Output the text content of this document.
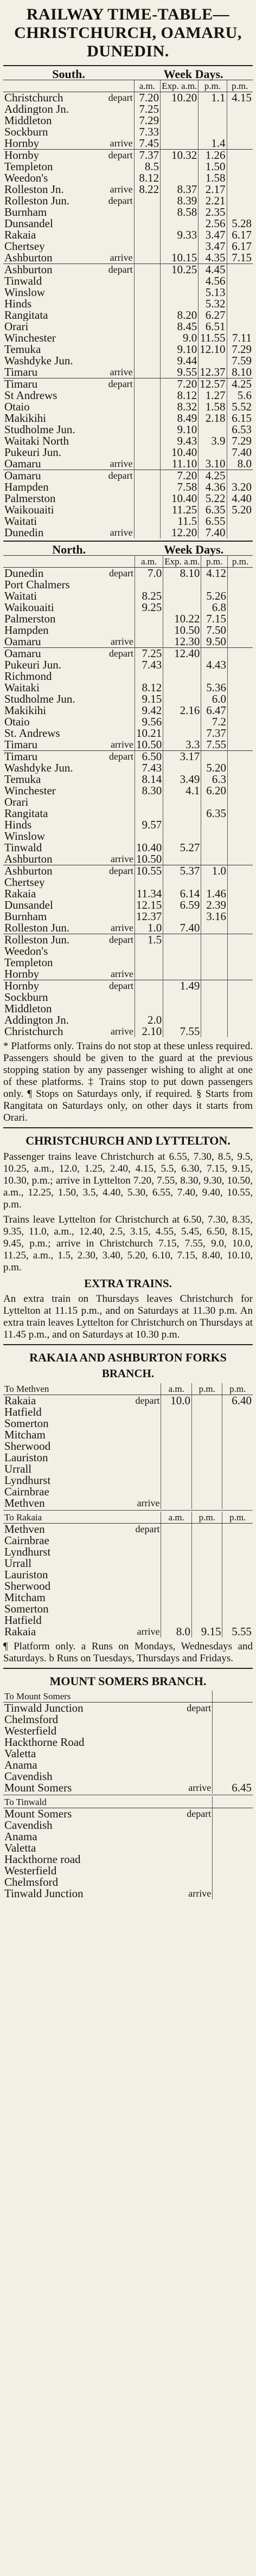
RAILWAY TIME-TABLE—CHRISTCHURCH, OAMARU, DUNEDIN.
South.		Week Days.			
		a.m.	Exp. a.m.	p.m.	p.m.
Christchurch	depart	7.20	10.20	1.1	4.15
Addington Jn.		7.25			
Middleton		7.29			
Sockburn		7.33			
Hornby	arrive	7.45		1.4	
Hornby	depart	7.37	10.32	1.26	
Templeton		8.5		1.50	
Weedon's		8.12		1.58	
Rolleston Jn.	arrive	8.22	8.37	2.17	
Rolleston Jun.	depart		8.39	2.21	
Burnham			8.58	2.35	
Dunsandel				2.56	5.28
Rakaia			9.33	3.47	6.17
Chertsey				3.47	6.17
Ashburton	arrive		10.15	4.35	7.15
Ashburton	depart		10.25	4.45	
Tinwald				4.56	
Winslow				5.13	
Hinds				5.32	
Rangitata			8.20	6.27	
Orari			8.45	6.51	
Winchester			9.0	11.55	7.11
Temuka			9.10	12.10	7.29
Washdyke Jun.			9.44		7.59
Timaru	arrive		9.55	12.37	8.10
Timaru	depart		7.20	12.57	4.25
St Andrews			8.12	1.27	5.6
Otaio			8.32	1.58	5.52
Makikihi			8.49	2.18	6.15
Studholme Jun.			9.10		6.53
Waitaki North			9.43	3.9	7.29
Pukeuri Jun.			10.40		7.40
Oamaru	arrive		11.10	3.10	8.0
Oamaru	depart		7.20	4.25	
Hampden			7.58	4.36	3.20
Palmerston			10.40	5.22	4.40
Waikouaiti			11.25	6.35	5.20
Waitati			11.5	6.55	
Dunedin	arrive		12.20	7.40	
North.		Week Days.			
		a.m.	Exp. a.m.	p.m.	p.m.
Dunedin	depart	7.0	8.10	4.12	
Port Chalmers					
Waitati		8.25		5.26	
Waikouaiti		9.25		6.8	
Palmerston			10.22	7.15	
Hampden			10.50	7.50	
Oamaru	arrive		12.30	9.50	
Oamaru	depart	7.25	12.40		
Pukeuri Jun.		7.43		4.43	
Richmond					
Waitaki		8.12		5.36	
Studholme Jun.		9.15		6.0	
Makikihi		9.42	2.16	6.47	
Otaio		9.56		7.2	
St. Andrews		10.21		7.37	
Timaru	arrive	10.50	3.3	7.55	
Timaru	depart	6.50	3.17		
Washdyke Jun.		7.43		5.20	
Temuka		8.14	3.49	6.3	
Winchester		8.30	4.1	6.20	
Orari					
Rangitata				6.35	
Hinds		9.57			
Winslow					
Tinwald		10.40	5.27		
Ashburton	arrive	10.50			
Ashburton	depart	10.55	5.37	1.0	
Chertsey					
Rakaia		11.34	6.14	1.46	
Dunsandel		12.15	6.59	2.39	
Burnham		12.37		3.16	
Rolleston Jun.	arrive	1.0	7.40		
Rolleston Jun.	depart	1.5			
Weedon's					
Templeton					
Hornby	arrive				
Hornby	depart		1.49		
Sockburn					
Middleton					
Addington Jn.		2.0			
Christchurch	arrive	2.10	7.55		
* Platforms only. Trains do not stop at these unless required. Passengers should be given to the guard at the previous stopping station by any passenger wishing to alight at one of these platforms. ‡ Trains stop to put down passengers only. ¶ Stops on Saturdays only, if required. § Starts from Rangitata on Saturdays only, on other days it starts from Orari.
CHRISTCHURCH AND LYTTELTON.
Passenger trains leave Christchurch at 6.55, 7.30, 8.5, 9.5, 10.25, a.m., 12.0, 1.25, 2.40, 4.15, 5.5, 6.30, 7.15, 9.15, 10.30, p.m.; arrive in Lyttelton 7.20, 7.55, 8.30, 9.30, 10.50, a.m., 12.25, 1.50, 3.5, 4.40, 5.30, 6.55, 7.40, 9.40, 10.55, p.m.
Trains leave Lyttelton for Christchurch at 6.50, 7.30, 8.35, 9.35, 11.0, a.m., 12.40, 2.5, 3.15, 4.55, 5.45, 6.50, 8.15, 9.45, p.m.; arrive in Christchurch 7.15, 7.55, 9.0, 10.0, 11.25, a.m., 1.5, 2.30, 3.40, 5.20, 6.10, 7.15, 8.40, 10.10, p.m.
EXTRA TRAINS.
An extra train on Thursdays leaves Christchurch for Lyttelton at 11.15 p.m., and on Saturdays at 11.30 p.m. An extra train leaves Lyttelton for Christchurch on Thursdays at 11.45 p.m., and on Saturdays at 10.30 p.m.
RAKAIA AND ASHBURTON FORKS
BRANCH.
To Methven		a.m.	p.m.	p.m.
Rakaia	depart	10.0		6.40
Hatfield				
Somerton				
Mitcham				
Sherwood				
Lauriston				
Urrall				
Lyndhurst				
Cairnbrae				
Methven	arrive			
To Rakaia		a.m.	p.m.	p.m.
Methven	depart			
Cairnbrae				
Lyndhurst				
Urrall				
Lauriston				
Sherwood				
Mitcham				
Somerton				
Hatfield				
Rakaia	arrive	8.0	9.15	5.55
¶ Platform only. a Runs on Mondays, Wednesdays and Saturdays. b Runs on Tuesdays, Thursdays and Fridays.
MOUNT SOMERS BRANCH.
To Mount Somers		
Tinwald Junction	depart	
Chelmsford		
Westerfield		
Hackthorne Road		
Valetta		
Anama		
Cavendish		
Mount Somers	arrive	6.45
To Tinwald		
Mount Somers	depart	
Cavendish		
Anama		
Valetta		
Hackthorne road		
Westerfield		
Chelmsford		
Tinwald Junction	arrive	
